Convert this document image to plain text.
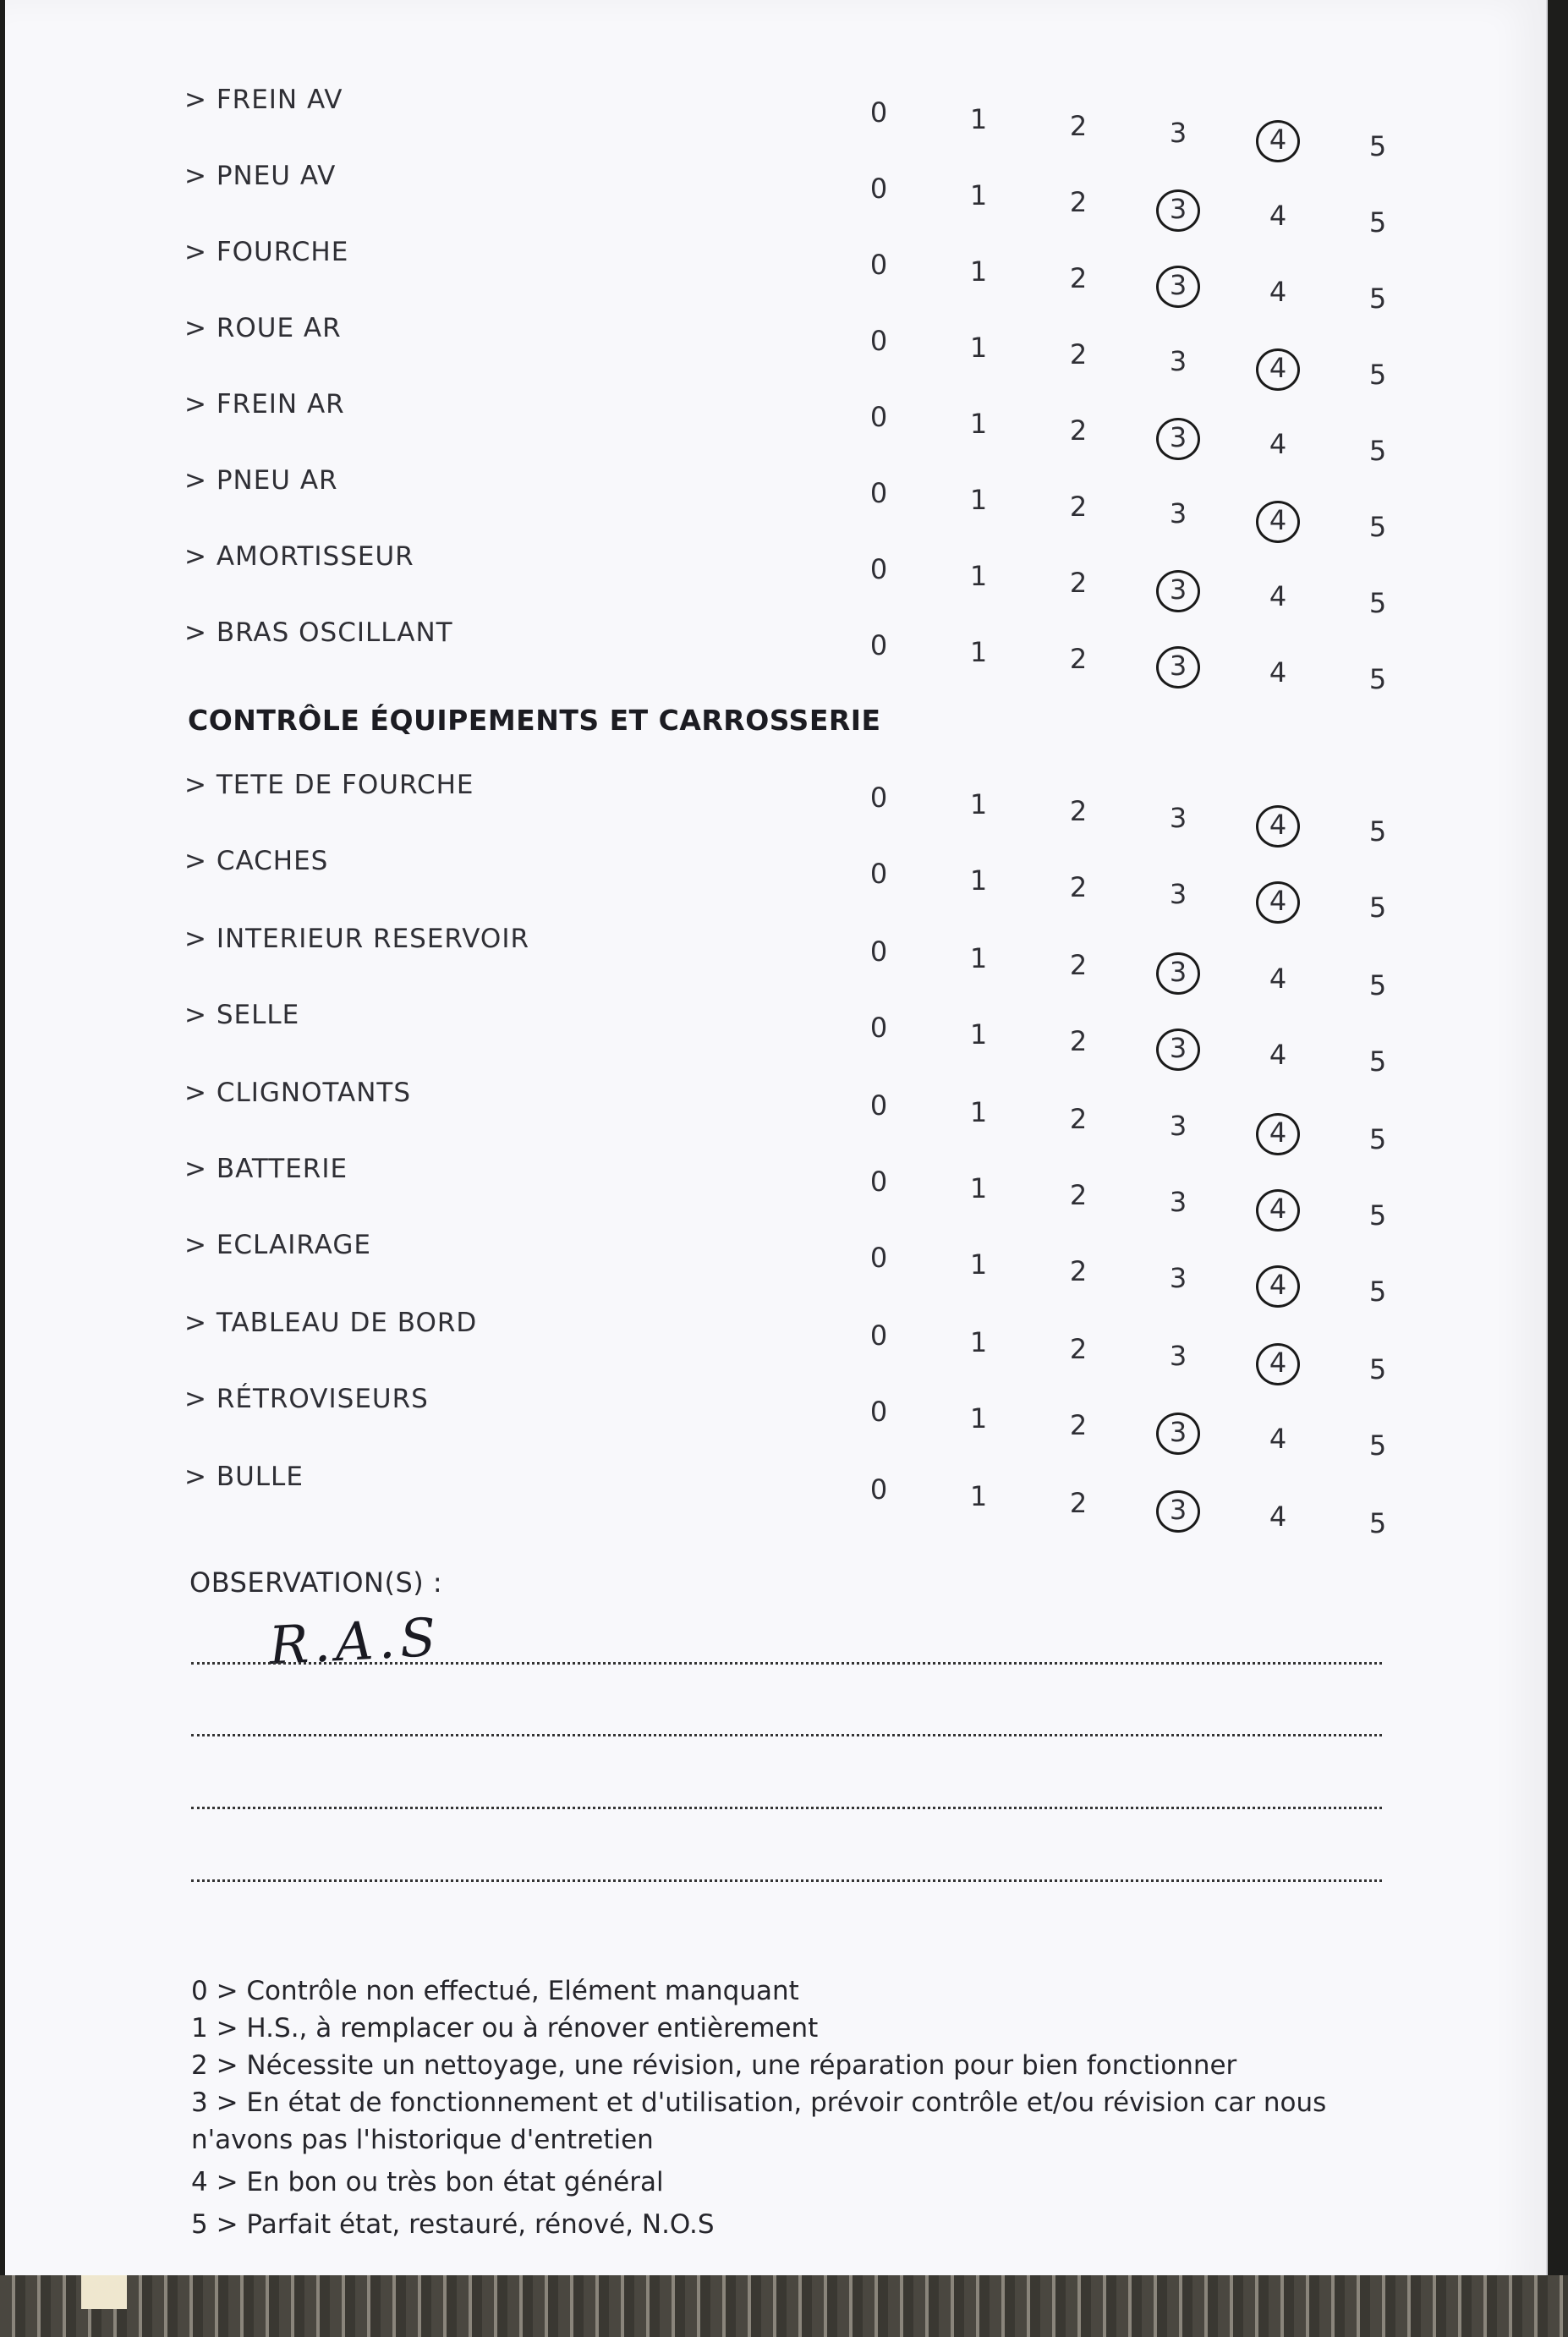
> FREIN AV	0	1	2	3	4	5
> PNEU AV	0	1	2	3	4	5
> FOURCHE	0	1	2	3	4	5
> ROUE AR	0	1	2	3	4	5
> FREIN AR	0	1	2	3	4	5
> PNEU AR	0	1	2	3	4	5
> AMORTISSEUR	0	1	2	3	4	5
> BRAS OSCILLANT	0	1	2	3	4	5
> TETE DE FOURCHE	0	1	2	3	4	5
> CACHES	0	1	2	3	4	5
> INTERIEUR RESERVOIR	0	1	2	3	4	5
> SELLE	0	1	2	3	4	5
> CLIGNOTANTS	0	1	2	3	4	5
> BATTERIE	0	1	2	3	4	5
> ECLAIRAGE	0	1	2	3	4	5
> TABLEAU DE BORD	0	1	2	3	4	5
> RÉTROVISEURS	0	1	2	3	4	5
> BULLE	0	1	2	3	4	5
CONTRÔLE ÉQUIPEMENTS ET CARROSSERIE
OBSERVATION(S) :
R.A.S
0 > Contrôle non effectué, Elément manquant
1 > H.S., à remplacer ou à rénover entièrement
2 > Nécessite un nettoyage, une révision, une réparation pour bien fonctionner
3 > En état de fonctionnement et d'utilisation, prévoir contrôle et/ou révision car nous
n'avons pas l'historique d'entretien
4 > En bon ou très bon état général
5 > Parfait état, restauré, rénové, N.O.S
